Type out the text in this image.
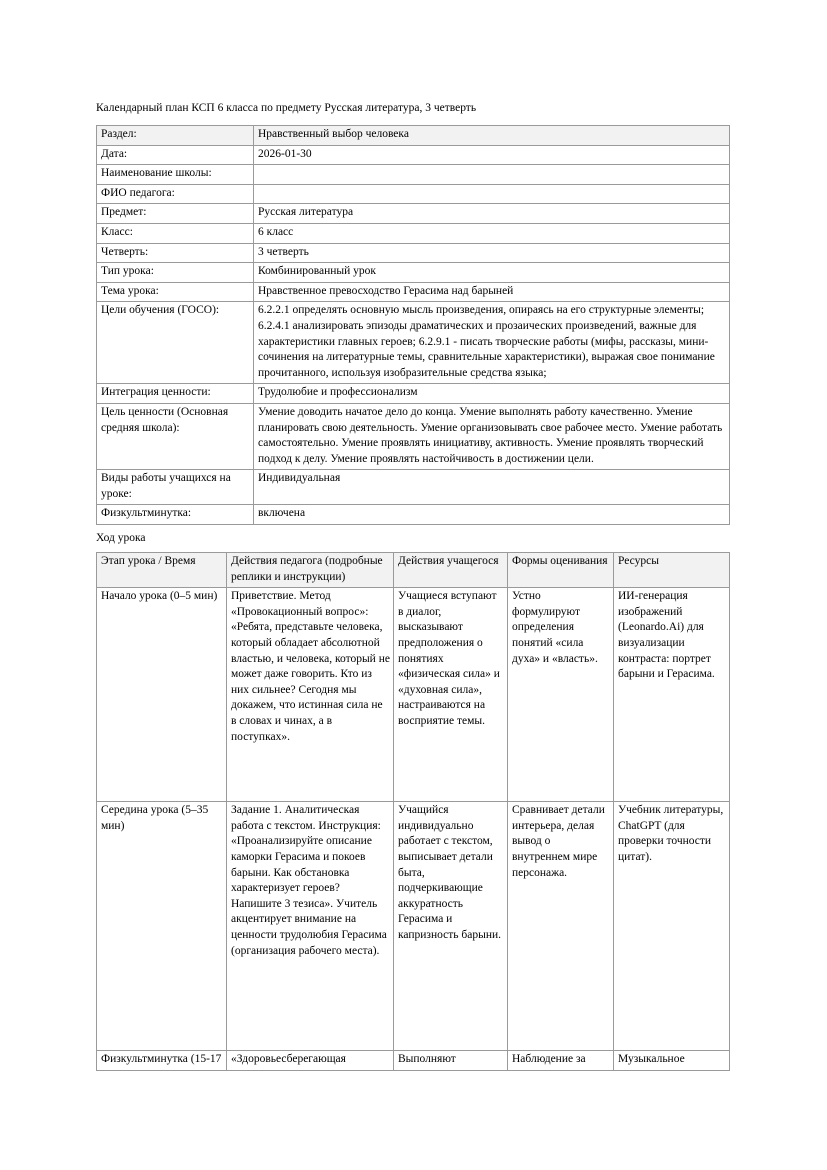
Календарный план КСП 6 класса по предмету Русская литература, 3 четверть

Раздел:	Нравственный выбор человека
Дата:	2026-01-30
Наименование школы:	
ФИО педагога:	
Предмет:	Русская литература
Класс:	6 класс
Четверть:	3 четверть
Тип урока:	Комбинированный урок
Тема урока:	Нравственное превосходство Герасима над барыней
Цели обучения (ГОСО):	6.2.2.1 определять основную мысль произведения, опираясь на его структурные элементы; 6.2.4.1 анализировать эпизоды драматических и прозаических произведений, важные для характеристики главных героев; 6.2.9.1 - писать творческие работы (мифы, рассказы, мини-сочинения на литературные темы, сравнительные характеристики), выражая свое понимание прочитанного, используя изобразительные средства языка;
Интеграция ценности:	Трудолюбие и профессионализм
Цель ценности (Основная средняя школа):	Умение доводить начатое дело до конца. Умение выполнять работу качественно. Умение планировать свою деятельность. Умение организовывать свое рабочее место. Умение работать самостоятельно. Умение проявлять инициативу, активность. Умение проявлять творческий подход к делу. Умение проявлять настойчивость в достижении цели.
Виды работы учащихся на уроке:	Индивидуальная
Физкультминутка:	включена

Ход урока

Этап урока / Время	Действия педагога (подробные реплики и инструкции)	Действия учащегося	Формы оценивания	Ресурсы
Начало урока (0–5 мин)	Приветствие. Метод «Провокационный вопрос»: «Ребята, представьте человека, который обладает абсолютной властью, и человека, который не может даже говорить. Кто из них сильнее? Сегодня мы докажем, что истинная сила не в словах и чинах, а в поступках».	Учащиеся вступают в диалог, высказывают предположения о понятиях «физическая сила» и «духовная сила», настраиваются на восприятие темы.	Устно формулируют определения понятий «сила духа» и «власть».	ИИ-генерация изображений (Leonardo.Ai) для визуализации контраста: портрет барыни и Герасима.
Середина урока (5–35 мин)	Задание 1. Аналитическая работа с текстом. Инструкция: «Проанализируйте описание каморки Герасима и покоев барыни. Как обстановка характеризует героев? Напишите 3 тезиса». Учитель акцентирует внимание на ценности трудолюбия Герасима (организация рабочего места).	Учащийся индивидуально работает с текстом, выписывает детали быта, подчеркивающие аккуратность Герасима и капризность барыни.	Сравнивает детали интерьера, делая вывод о внутреннем мире персонажа.	Учебник литературы, ChatGPT (для проверки точности цитат).
Физкультминутка (15-17	«Здоровьесберегающая	Выполняют	Наблюдение за	Музыкальное
